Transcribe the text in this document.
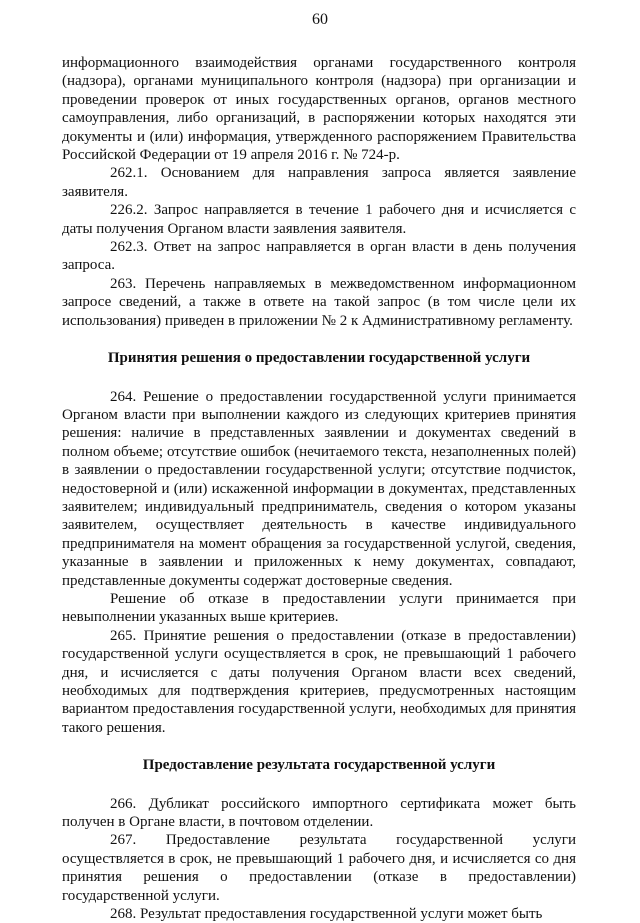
60

информационного взаимодействия органами государственного контроля (надзора), органами муниципального контроля (надзора) при организации и проведении проверок от иных государственных органов, органов местного самоуправления, либо организаций, в распоряжении которых находятся эти документы и (или) информация, утвержденного распоряжением Правительства Российской Федерации от 19 апреля 2016 г. № 724-р.

262.1. Основанием для направления запроса является заявление заявителя.

226.2. Запрос направляется в течение 1 рабочего дня и исчисляется с даты получения Органом власти заявления заявителя.

262.3. Ответ на запрос направляется в орган власти в день получения запроса.

263. Перечень направляемых в межведомственном информационном запросе сведений, а также в ответе на такой запрос (в том числе цели их использования) приведен в приложении № 2 к Административному регламенту.

Принятия решения о предоставлении государственной услуги

264. Решение о предоставлении государственной услуги принимается Органом власти при выполнении каждого из следующих критериев принятия решения: наличие в представленных заявлении и документах сведений в полном объеме; отсутствие ошибок (нечитаемого текста, незаполненных полей) в заявлении о предоставлении государственной услуги; отсутствие подчисток, недостоверной и (или) искаженной информации в документах, представленных заявителем; индивидуальный предприниматель, сведения о котором указаны заявителем, осуществляет деятельность в качестве индивидуального предпринимателя на момент обращения за государственной услугой, сведения, указанные в заявлении и приложенных к нему документах, совпадают, представленные документы содержат достоверные сведения.

Решение об отказе в предоставлении услуги принимается при невыполнении указанных выше критериев.

265. Принятие решения о предоставлении (отказе в предоставлении) государственной услуги осуществляется в срок, не превышающий 1 рабочего дня, и исчисляется с даты получения Органом власти всех сведений, необходимых для подтверждения критериев, предусмотренных настоящим вариантом предоставления государственной услуги, необходимых для принятия такого решения.

Предоставление результата государственной услуги

266. Дубликат российского импортного сертификата может быть получен в Органе власти, в почтовом отделении.

267. Предоставление результата государственной услуги осуществляется в срок, не превышающий 1 рабочего дня, и исчисляется со дня принятия решения о предоставлении (отказе в предоставлении) государственной услуги.

268. Результат предоставления государственной услуги может быть
